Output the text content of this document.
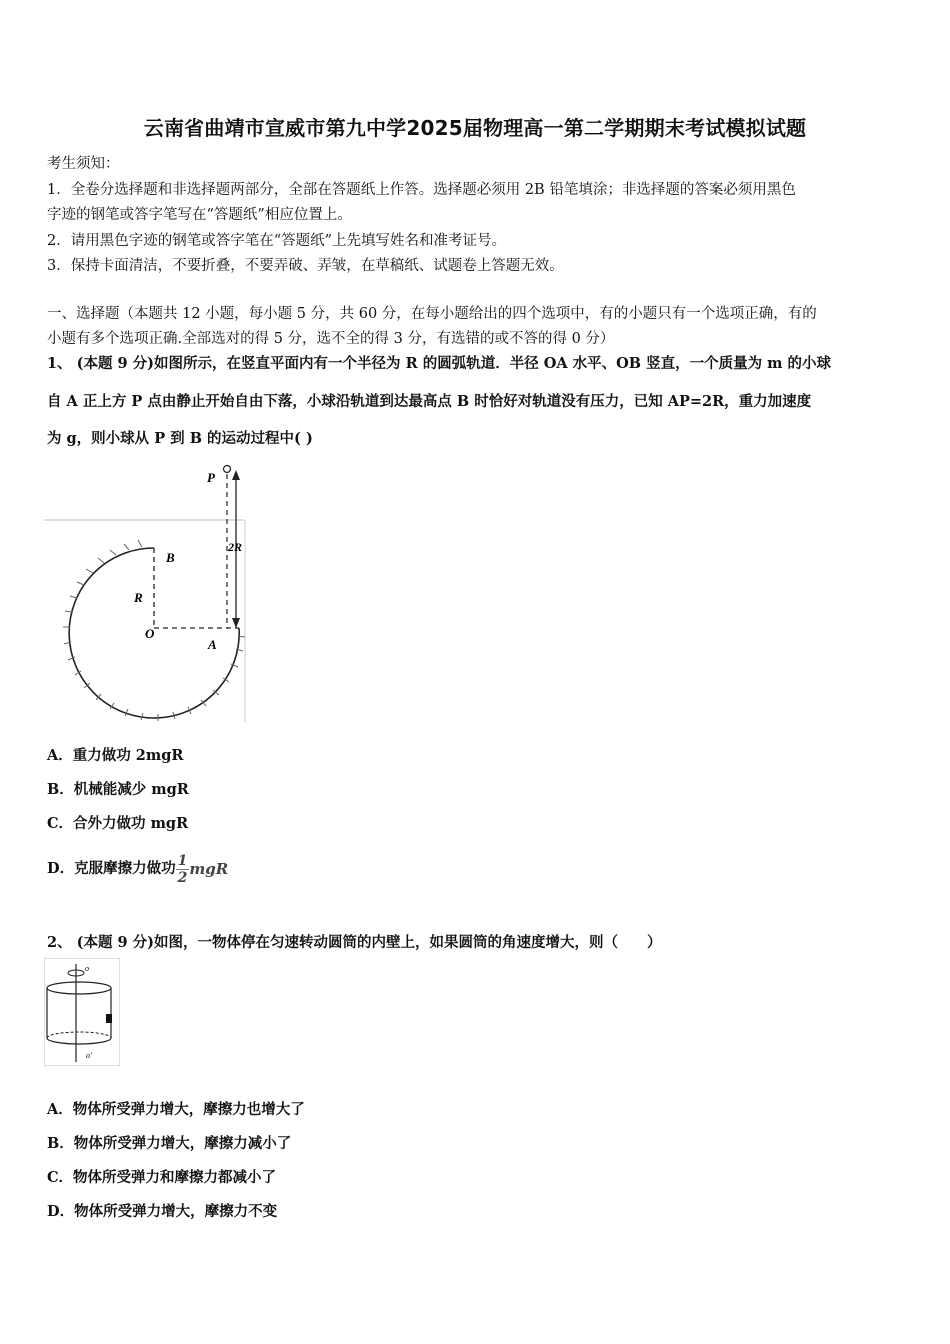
云南省曲靖市宣威市第九中学2025届物理高一第二学期期末考试模拟试题
考生须知：
1．全卷分选择题和非选择题两部分，全部在答题纸上作答。选择题必须用 2B 铅笔填涂；非选择题的答案必须用黑色
字迹的钢笔或答字笔写在“答题纸”相应位置上。
2．请用黑色字迹的钢笔或答字笔在“答题纸”上先填写姓名和准考证号。
3．保持卡面清洁，不要折叠，不要弄破、弄皱，在草稿纸、试题卷上答题无效。
一、选择题（本题共 12 小题，每小题 5 分，共 60 分，在每小题给出的四个选项中，有的小题只有一个选项正确，有的
小题有多个选项正确.全部选对的得 5 分，选不全的得 3 分，有选错的或不答的得 0 分）
1、 (本题 9 分)如图所示，在竖直平面内有一个半径为 R 的圆弧轨道．半径 OA 水平、OB 竖直，一个质量为 m 的小球
自 A 正上方 P 点由静止开始自由下落，小球沿轨道到达最高点 B 时恰好对轨道没有压力，已知 AP=2R，重力加速度
为 g，则小球从 P 到 B 的运动过程中( )
P
B
R
O
A
2R
A．重力做功 2mgR
B．机械能减少 mgR
C．合外力做功 mgR
D．克服摩擦力做功 $\frac{1}{2}$ mgR
2、 (本题 9 分)如图，一物体停在匀速转动圆筒的内壁上，如果圆筒的角速度增大，则（　　）
o
o'
A．物体所受弹力增大，摩擦力也增大了
B．物体所受弹力增大，摩擦力减小了
C．物体所受弹力和摩擦力都减小了
D．物体所受弹力增大，摩擦力不变
